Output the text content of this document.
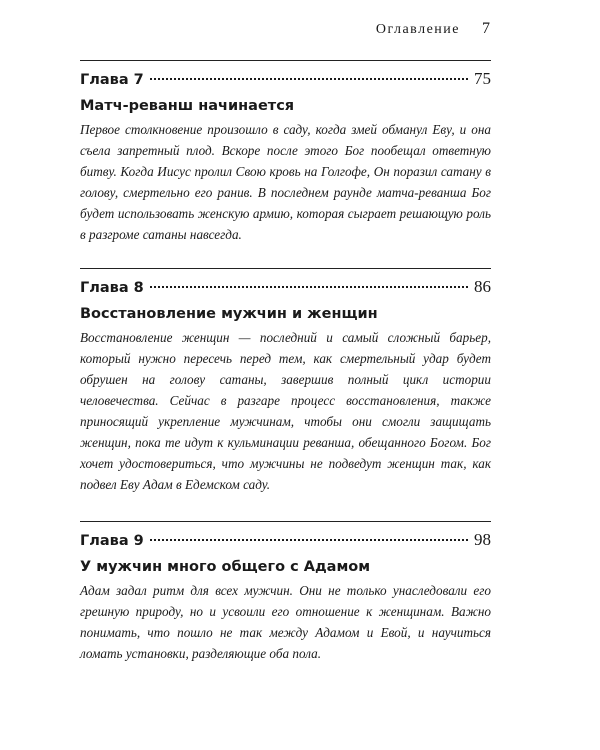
Оглавление 7
Глава 7	75
Матч-реванш начинается

Первое столкновение произошло в саду, когда змей обманул Еву, и она съела запретный плод. Вскоре после этого Бог пообещал ответную битву. Когда Иисус пролил Свою кровь на Голгофе, Он поразил сатану в голову, смертельно его ранив. В последнем раунде матча-реванша Бог будет использовать женскую армию, которая сыграет решающую роль в разгроме сатаны навсегда.

Глава 8	86
Восстановление мужчин и женщин

Восстановление женщин — последний и самый сложный барьер, который нужно пересечь перед тем, как смертельный удар будет обрушен на голову сатаны, завершив полный цикл истории человечества. Сейчас в разгаре процесс восстановления, также приносящий укрепление мужчинам, чтобы они смогли защищать женщин, пока те идут к кульминации реванша, обещанного Богом. Бог хочет удостовериться, что мужчины не подведут женщин так, как подвел Еву Адам в Едемском саду.

Глава 9	98
У мужчин много общего с Адамом

Адам задал ритм для всех мужчин. Они не только унаследовали его грешную природу, но и усвоили его отношение к женщинам. Важно понимать, что пошло не так между Адамом и Евой, и научиться ломать установки, разделяющие оба пола.
